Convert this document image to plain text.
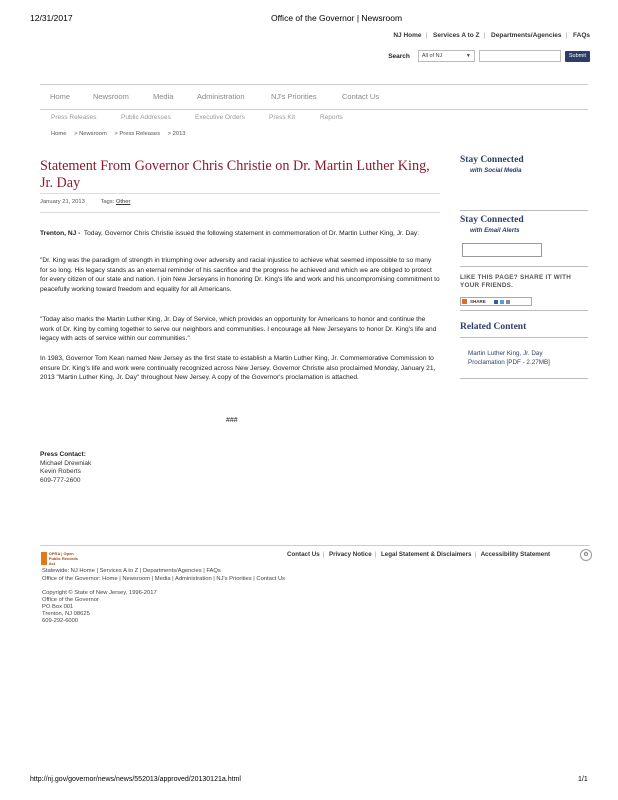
12/31/2017	Office of the Governor | Newsroom
NJ Home | Services A to Z | Departments/Agencies | FAQs
Search	All of NJ	▼	Submit
Home	Newsroom	Media	Administration	NJ's Priorities	Contact Us
Press Releases	Public Addresses	Executive Orders	Press Kit	Reports
Home > Newsroom > Press Releases > 2013
Statement From Governor Chris Christie on Dr. Martin Luther King, Jr. Day
January 21, 2013	Tags: Other

Trenton, NJ - Today, Governor Chris Christie issued the following statement in commemoration of Dr. Martin Luther King, Jr. Day:

"Dr. King was the paradigm of strength in triumphing over adversity and racial injustice to achieve what seemed impossible to so many for so long. His legacy stands as an eternal reminder of his sacrifice and the progress he achieved and which we are obliged to protect for every citizen of our state and nation. I join New Jerseyans in honoring Dr. King's life and work and his uncompromising commitment to peacefully working toward freedom and equality for all Americans.
"Today also marks the Martin Luther King, Jr. Day of Service, which provides an opportunity for Americans to honor and continue the work of Dr. King by coming together to serve our neighbors and communities. I encourage all New Jerseyans to honor Dr. King's life and legacy with acts of service within our communities."
In 1983, Governor Tom Kean named New Jersey as the first state to establish a Martin Luther King, Jr. Commemorative Commission to ensure Dr. King's life and work were continually recognized across New Jersey. Governor Christie also proclaimed Monday, January 21, 2013 "Martin Luther King, Jr. Day" throughout New Jersey. A copy of the Governor's proclamation is attached.
###
Press Contact:
Michael Drewniak
Kevin Roberts
609-777-2600
Stay Connected
with Social Media
Stay Connected
with Email Alerts
LIKE THIS PAGE? SHARE IT WITH YOUR FRIENDS.
SHARE
Related Content
Martin Luther King, Jr. Day Proclamation [PDF - 2.27MB]
OPRA | Open Public Records Act
Contact Us | Privacy Notice | Legal Statement & Disclaimers | Accessibility Statement	⚙
Statewide: NJ Home | Services A to Z | Departments/Agencies | FAQs
Office of the Governor: Home | Newsroom | Media | Administration | NJ's Priorities | Contact Us
Copyright © State of New Jersey, 1996-2017
Office of the Governor
PO Box 001
Trenton, NJ 08625
609-292-6000
http://nj.gov/governor/news/news/552013/approved/20130121a.html	1/1
